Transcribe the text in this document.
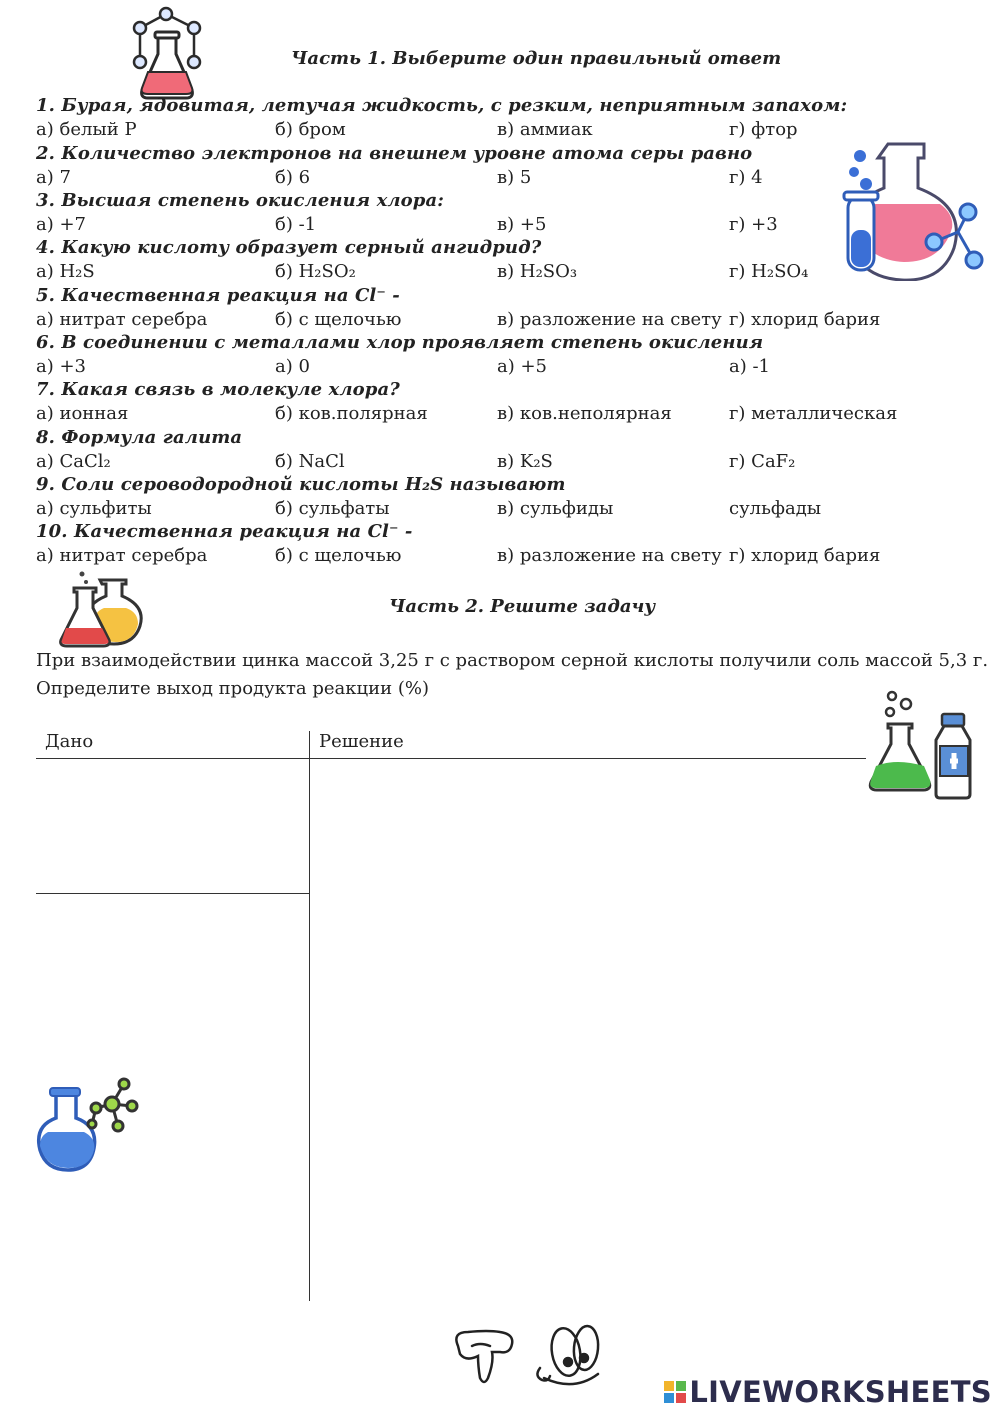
Часть 1. Выберите один правильный ответ
1. Бурая, ядовитая, летучая жидкость, с резким, неприятным запахом:
а) белый Р	б) бром	в) аммиак	г) фтор
2. Количество электронов на внешнем уровне атома серы равно
а) 7	б) 6	в) 5	г) 4
3. Высшая степень окисления хлора:
а) +7	б) -1	в) +5	г) +3
4. Какую кислоту образует серный ангидрид?
а) H₂S	б) H₂SO₂	в) H₂SO₃	г) H₂SO₄
5. Качественная реакция на Cl⁻ -
а) нитрат серебра	б) с щелочью	в) разложение на свету г) хлорид бария
6. В соединении с металлами хлор проявляет степень окисления
а) +3	а) 0	а) +5	а) -1
7. Какая связь в молекуле хлора?
а) ионная	б) ков.полярная	в) ков.неполярная	г) металлическая
8. Формула галита
а) CaCl₂	б) NaCl	в) K₂S	г) CaF₂
9. Соли сероводородной кислоты H₂S называют
а) сульфиты	б) сульфаты	в) сульфиды	сульфады
10. Качественная реакция на Cl⁻ -
а) нитрат серебра	б) с щелочью	в) разложение на свету г) хлорид бария
Часть 2. Решите задачу
При взаимодействии цинка массой 3,25 г с раствором серной кислоты получили соль массой 5,3 г.
Определите выход продукта реакции (%)
Дано	Решение
LIVEWORKSHEETS
